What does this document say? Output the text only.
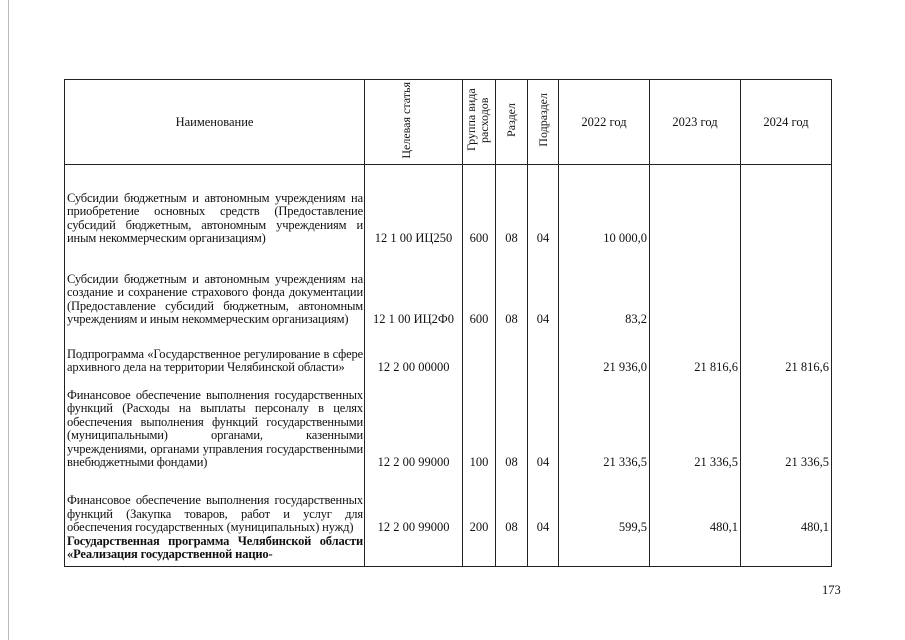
Наименование	Целевая статья	Группа вида расходов	Раздел	Подраздел	2022 год	2023 год	2024 год
Субсидии бюджетным и автономным учреждениям на приобретение основных средств (Предоставление субсидий бюджетным, автономным учреждениям и иным некоммерческим организациям)	12 1 00 ИЦ250	600	08	04	10 000,0		
Субсидии бюджетным и автономным учреждениям на создание и сохранение страхового фонда документации (Предоставление субсидий бюджетным, автономным учреждениям и иным некоммерческим организациям)	12 1 00 ИЦ2Ф0	600	08	04	83,2		
Подпрограмма «Государственное регулирование в сфере архивного дела на территории Челябинской области»	12 2 00 00000				21 936,0	21 816,6	21 816,6
Финансовое обеспечение выполнения государственных функций (Расходы на выплаты персоналу в целях обеспечения выполнения функций государственными (муниципальными) органами, казенными учреждениями, органами управления государственными внебюджетными фондами)	12 2 00 99000	100	08	04	21 336,5	21 336,5	21 336,5
Финансовое обеспечение выполнения государственных функций (Закупка товаров, работ и услуг для обеспечения государственных (муниципальных) нужд)	12 2 00 99000	200	08	04	599,5	480,1	480,1
Государственная программа Челябинской области «Реализация государственной нацио-							
173
